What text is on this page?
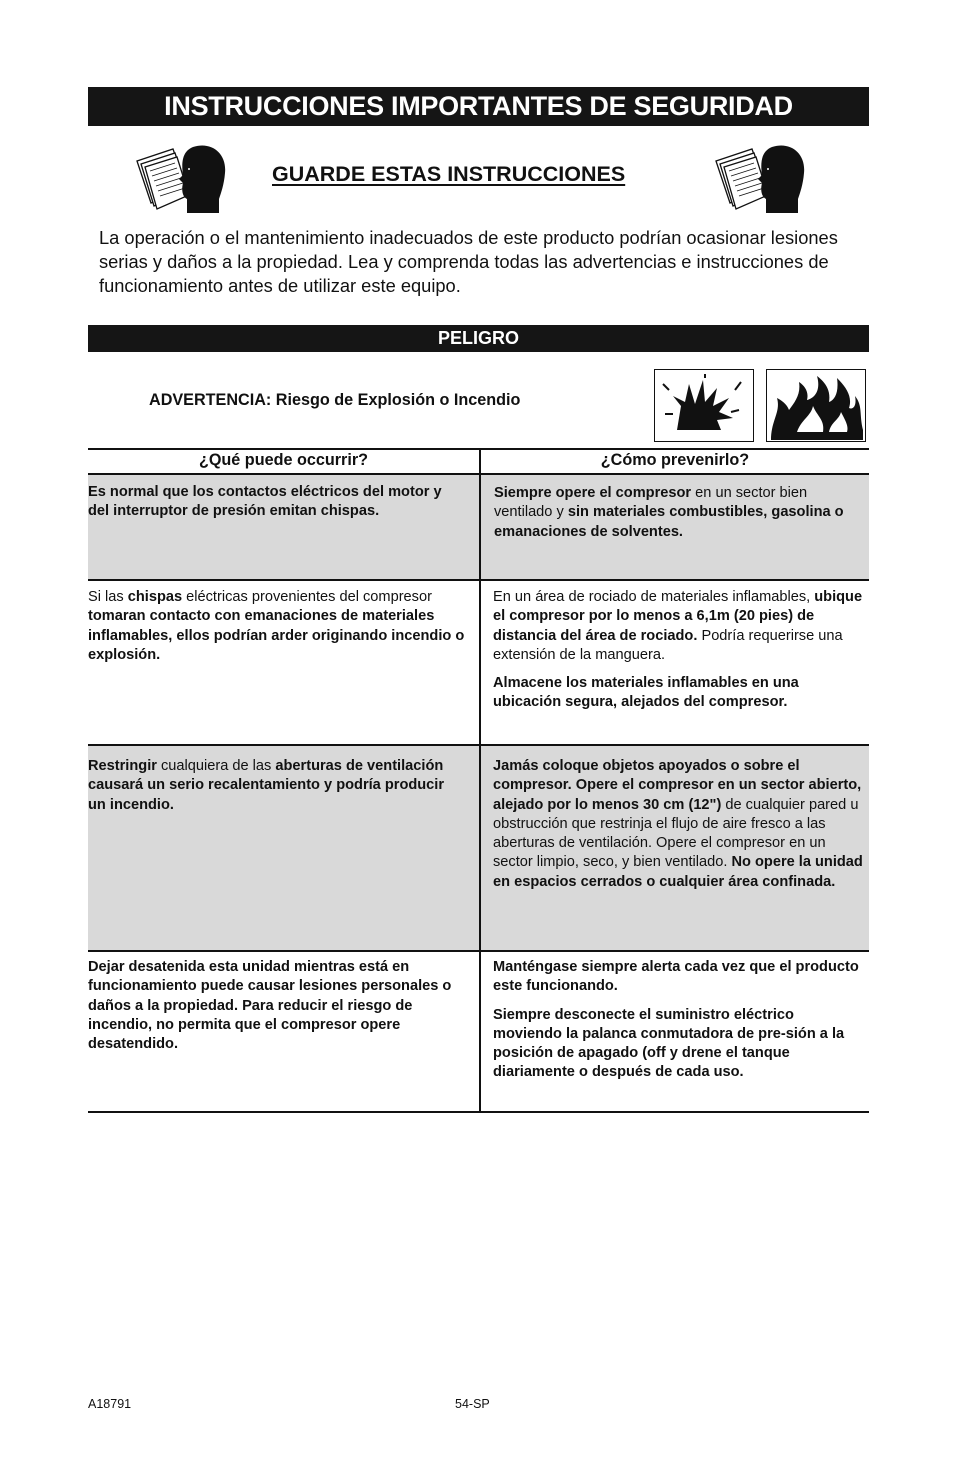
INSTRUCCIONES IMPORTANTES DE SEGURIDAD
GUARDE ESTAS INSTRUCCIONES
La operación o el mantenimiento inadecuados de este producto podrían ocasionar lesiones serias y daños a la propiedad. Lea y comprenda todas las advertencias e instrucciones de funcionamiento antes de utilizar este equipo.
PELIGRO
ADVERTENCIA: Riesgo de Explosión o Incendio
¿Qué puede occurrir?	¿Cómo prevenirlo?

Es normal que los contactos eléctricos del motor y del interruptor de presión emitan chispas.

Siempre opere el compresor en un sector bien ventilado y sin materiales combustibles, gasolina o emanaciones de solventes.

Si las chispas eléctricas provenientes del compresor tomaran contacto con emanaciones de materiales inflamables, ellos podrían arder originando incendio o explosión.

En un área de rociado de materiales inflamables, ubique el compresor por lo menos a 6,1m (20 pies) de distancia del área de rociado. Podría requerirse una extensión de la manguera.

Almacene los materiales inflamables en una ubicación segura, alejados del compresor.

Restringir cualquiera de las aberturas de ventilación causará un serio recalentamiento y podría producir un incendio.

Jamás coloque objetos apoyados o sobre el compresor. Opere el compresor en un sector abierto, alejado por lo menos 30 cm (12") de cualquier pared u obstrucción que restrinja el flujo de aire fresco a las aberturas de ventilación. Opere el compresor en un sector limpio, seco, y bien ventilado. No opere la unidad en espacios cerrados o cualquier área confinada.

Dejar desatenida esta unidad mientras está en funcionamiento puede causar lesiones personales o daños a la propiedad. Para reducir el riesgo de incendio, no permita que el compresor opere desatendido.

Manténgase siempre alerta cada vez que el producto este funcionando.

Siempre desconecte el suministro eléctrico moviendo la palanca conmutadora de pre-sión a la posición de apagado (off y drene el tanque diariamente o después de cada uso.

A18791	54-SP
